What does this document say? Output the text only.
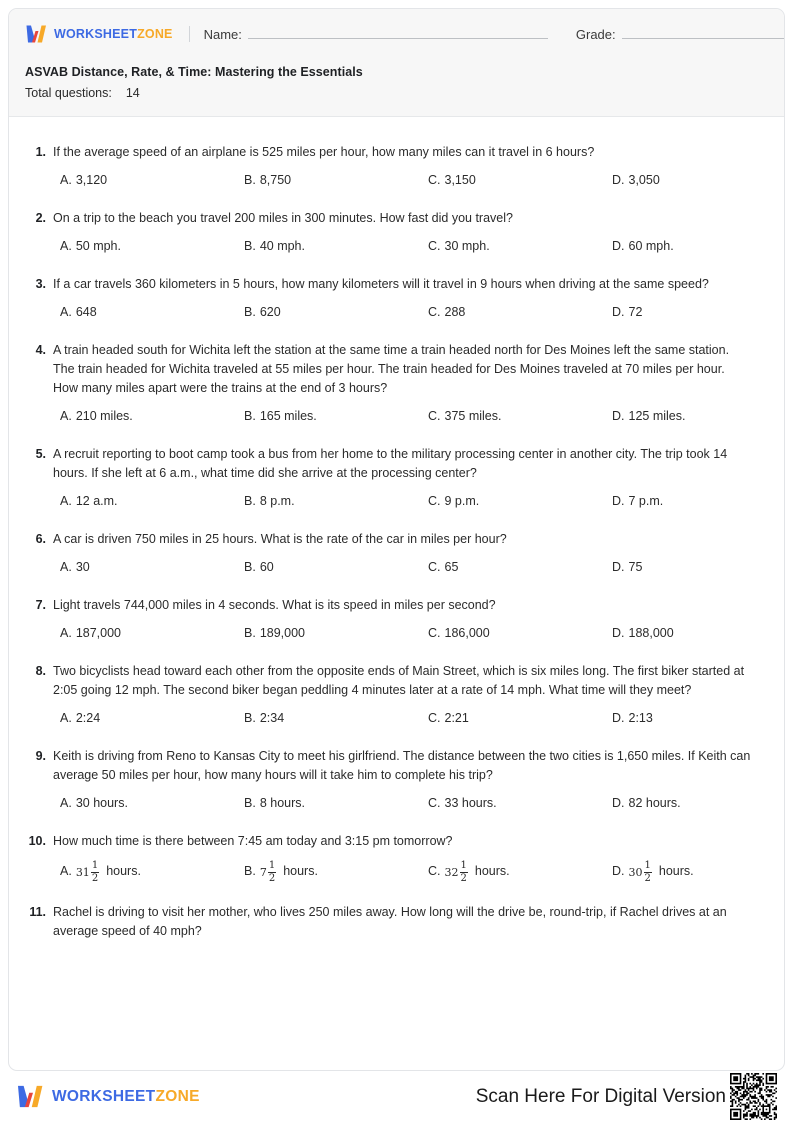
WORKSHEETZONE Name:	Grade:
ASVAB Distance, Rate, & Time: Mastering the Essentials
Total questions: 14
1. If the average speed of an airplane is 525 miles per hour, how many miles can it travel in 6 hours?
A. 3,120	B. 8,750	C. 3,150	D. 3,050
2. On a trip to the beach you travel 200 miles in 300 minutes. How fast did you travel?
A. 50 mph.	B. 40 mph.	C. 30 mph.	D. 60 mph.
3. If a car travels 360 kilometers in 5 hours, how many kilometers will it travel in 9 hours when driving at the same speed?
A. 648	B. 620	C. 288	D. 72
4. A train headed south for Wichita left the station at the same time a train headed north for Des Moines left the same station. The train headed for Wichita traveled at 55 miles per hour. The train headed for Des Moines traveled at 70 miles per hour. How many miles apart were the trains at the end of 3 hours?
A. 210 miles.	B. 165 miles.	C. 375 miles.	D. 125 miles.
5. A recruit reporting to boot camp took a bus from her home to the military processing center in another city. The trip took 14 hours. If she left at 6 a.m., what time did she arrive at the processing center?
A. 12 a.m.	B. 8 p.m.	C. 9 p.m.	D. 7 p.m.
6. A car is driven 750 miles in 25 hours. What is the rate of the car in miles per hour?
A. 30	B. 60	C. 65	D. 75
7. Light travels 744,000 miles in 4 seconds. What is its speed in miles per second?
A. 187,000	B. 189,000	C. 186,000	D. 188,000
8. Two bicyclists head toward each other from the opposite ends of Main Street, which is six miles long. The first biker started at 2:05 going 12 mph. The second biker began peddling 4 minutes later at a rate of 14 mph. What time will they meet?
A. 2:24	B. 2:34	C. 2:21	D. 2:13
9. Keith is driving from Reno to Kansas City to meet his girlfriend. The distance between the two cities is 1,650 miles. If Keith can average 50 miles per hour, how many hours will it take him to complete his trip?
A. 30 hours.	B. 8 hours.	C. 33 hours.	D. 82 hours.
10. How much time is there between 7:45 am today and 3:15 pm tomorrow?
A. $31 \frac{1}{2}$ hours.	B. $7 \frac{1}{2}$ hours.	C. $32 \frac{1}{2}$ hours.	D. $30 \frac{1}{2}$ hours.
11. Rachel is driving to visit her mother, who lives 250 miles away. How long will the drive be, round-trip, if Rachel drives at an average speed of 40 mph?
WORKSHEETZONE	Scan Here For Digital Version
